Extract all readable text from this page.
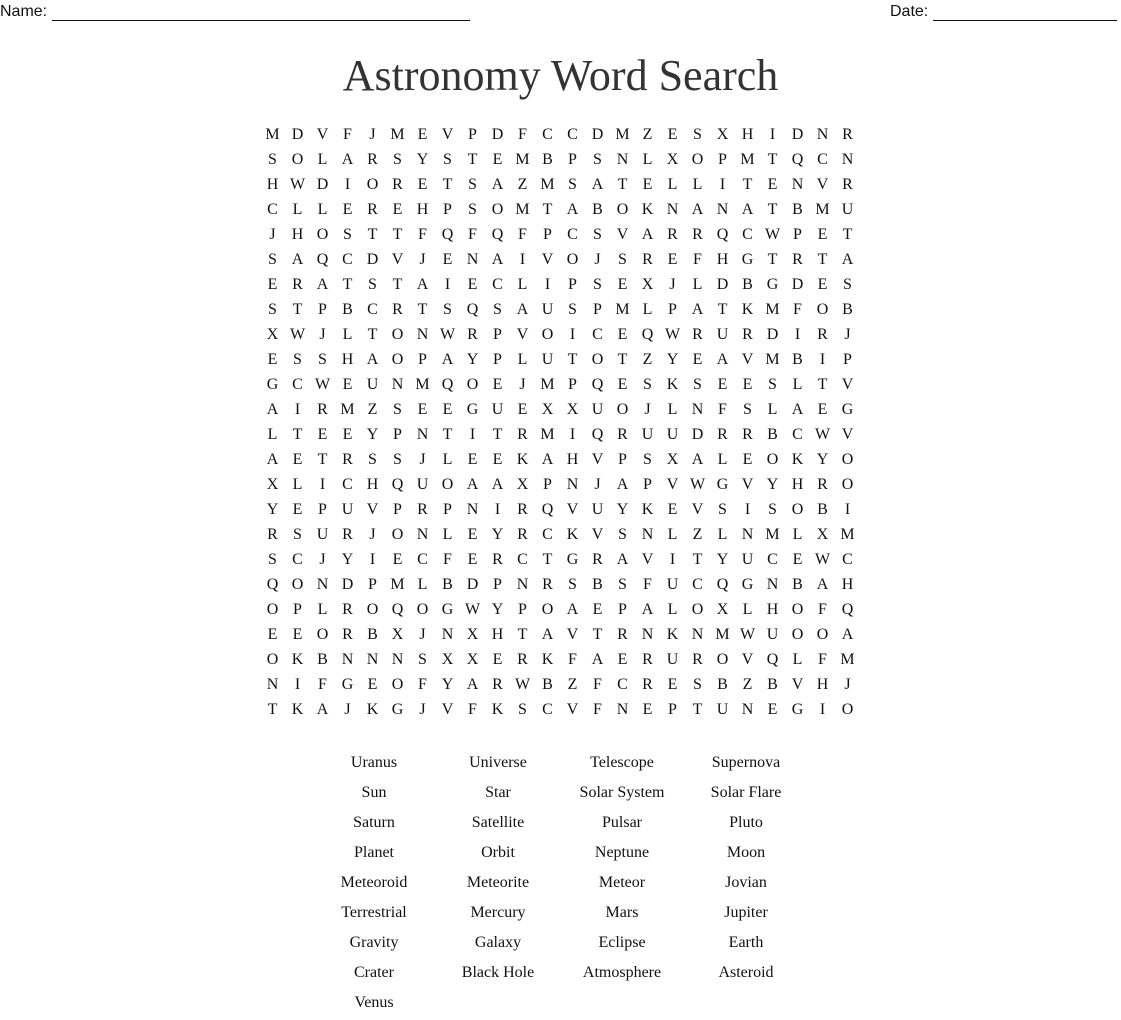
Name:	Date:
Astronomy Word Search
M D V F	J M E V P D F C C D M Z E S X H	I	D N R
S O L A R S Y S T E M B P	S N L X O P M T Q C N
H W D	I	O R E T S A Z M S A T E L L	I	T E N V R
C L L E R E H P	S O M T A B O K N A N A T B M U
J	H O S T T F Q F Q F	P C S V A R R Q C W P E T
S A Q C D V	J	E N A	I	V O	J	S R E F H G T R T A
E R A T S T A	I	E C L	I	P	S E X	J	L D B G D E S
S T P B C R T S Q S A U S	P M L P A T K M F O B
X W J	L T O N W R P V O	I	C E Q W R U R D	I	R	J
E S	S H A O P A Y P L U T O T Z Y E A V M B	I	P
G C W E U N M Q O E	J M P Q E S K S E E S L T V
A	I	R M Z S E E G U E X X U O	J	L N F	S L A E G
L T E E Y P N T	I	T R M I	Q R U U D R R B C W V
A E T R S	S	J	L E E K A H V P	S X A L E O K Y O
X L	I	C H Q U O A A X P N	J	A P V W G V Y H R O
Y E P U V P R P N	I	R Q V U Y K E V S	I	S O B	I
R S U R	J	O N L E Y R C K V S N L Z L N M L X M
S C	J	Y	I	E C F E R C T G R A V	I	T Y U C E W C
Q O N D P M L B D P N R S B S	F U C Q G N B A H
O P L R O Q O G W Y P O A E P A L O X L H O F Q
E E O R B X	J	N X H T A V T R N K N M W U O O A
O K B N N N S X X E R K F A E R U R O V Q L F M
N	I	F G E O F Y A R W B Z F C R E S B Z B V H	J
T K A	J	K G	J	V F K S C V F N E P T U N E G	I	O
Uranus	Universe	Telescope	Supernova
Sun	Star	Solar System	Solar Flare
Saturn	Satellite	Pulsar	Pluto
Planet	Orbit	Neptune	Moon
Meteoroid	Meteorite	Meteor	Jovian
Terrestrial	Mercury	Mars	Jupiter
Gravity	Galaxy	Eclipse	Earth
Crater	Black Hole	Atmosphere	Asteroid
Venus
